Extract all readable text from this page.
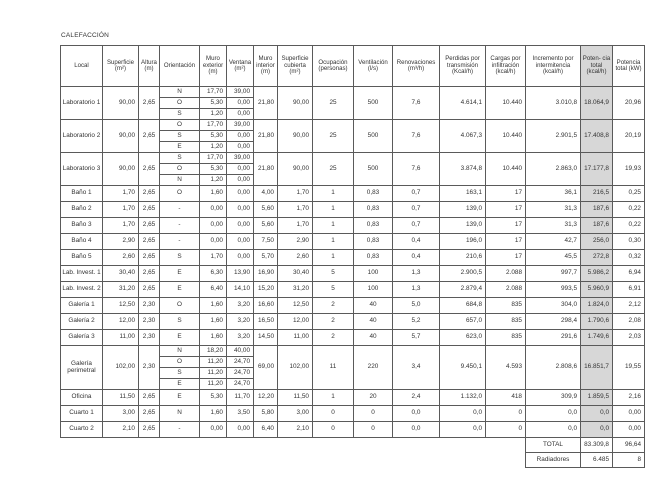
CALEFACCIÓN
Local	Superficie (m²)	Altura (m)	Orientación	Muro exterior (m)	Ventana (m²)	Muro interior (m)	Superficie cubierta (m²)	Ocupación (personas)	Ventilación (l/s)	Renovaciones (m³/h)	Perdidas por transmisión (Kcal/h)	Cargas por infiltración (kcal/h)	Incremento por intermitencia (kcal/h)	Poten- cia total (kcal/h)	Potencia total (kW)
Laboratorio 1	90,00	2,65	N	17,70	39,00	21,80	90,00	25	500	7,6	4.614,1	10.440	3.010,8	18.064,9	20,96
			O	5,30	0,00										
			S	1,20	0,00										
Laboratorio 2	90,00	2,65	O	17,70	39,00	21,80	90,00	25	500	7,6	4.067,3	10.440	2.901,5	17.408,8	20,19
			S	5,30	0,00										
			E	1,20	0,00										
Laboratorio 3	90,00	2,65	S	17,70	39,00	21,80	90,00	25	500	7,6	3.874,8	10.440	2.863,0	17.177,8	19,93
			O	5,30	0,00										
			N	1,20	0,00										
Baño 1	1,70	2,65	O	1,60	0,00	4,00	1,70	1	0,83	0,7	163,1	17	36,1	216,5	0,25
Baño 2	1,70	2,65	-	0,00	0,00	5,60	1,70	1	0,83	0,7	139,0	17	31,3	187,6	0,22
Baño 3	1,70	2,65	-	0,00	0,00	5,60	1,70	1	0,83	0,7	139,0	17	31,3	187,6	0,22
Baño 4	2,90	2,65	-	0,00	0,00	7,50	2,90	1	0,83	0,4	196,0	17	42,7	256,0	0,30
Baño 5	2,60	2,65	S	1,70	0,00	5,70	2,60	1	0,83	0,4	210,6	17	45,5	272,8	0,32
Lab. Invest. 1	30,40	2,65	E	6,30	13,90	16,90	30,40	5	100	1,3	2.900,5	2.088	997,7	5.986,2	6,94
Lab. Invest. 2	31,20	2,65	E	6,40	14,10	15,20	31,20	5	100	1,3	2.879,4	2.088	993,5	5.960,9	6,91
Galería 1	12,50	2,30	O	1,60	3,20	16,60	12,50	2	40	5,0	684,8	835	304,0	1.824,0	2,12
Galería 2	12,00	2,30	S	1,60	3,20	16,50	12,00	2	40	5,2	657,0	835	298,4	1.790,6	2,08
Galería 3	11,00	2,30	E	1,60	3,20	14,50	11,00	2	40	5,7	623,0	835	291,6	1.749,6	2,03
Galería perimetral	102,00	2,30	N	18,20	40,00	69,00	102,00	11	220	3,4	9.450,1	4.593	2.808,6	16.851,7	19,55
			O	11,20	24,70										
			S	11,20	24,70										
			E	11,20	24,70										
Oficina	11,50	2,65	E	5,30	11,70	12,20	11,50	1	20	2,4	1.132,0	418	309,9	1.859,5	2,16
Cuarto 1	3,00	2,65	N	1,60	3,50	5,80	3,00	0	0	0,0	0,0	0	0,0	0,0	0,00
Cuarto 2	2,10	2,65	-	0,00	0,00	6,40	2,10	0	0	0,0	0,0	0	0,0	0,0	0,00
													TOTAL	83.309,8	96,64
													Radiadores	6.485	8
